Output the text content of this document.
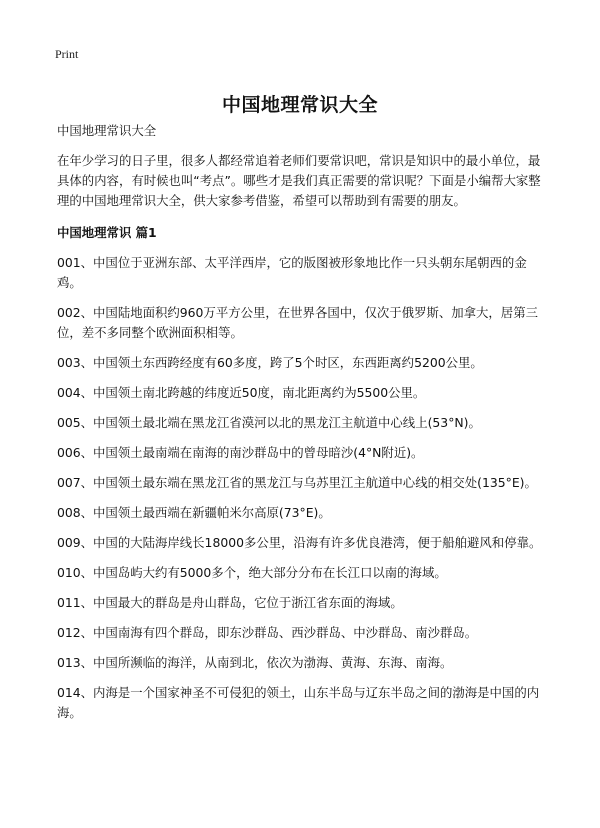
Print
中国地理常识大全

中国地理常识大全

在年少学习的日子里，很多人都经常追着老师们要常识吧，常识是知识中的最小单位，最具体的内容，有时候也叫“考点”。哪些才是我们真正需要的常识呢？下面是小编帮大家整理的中国地理常识大全，供大家参考借鉴，希望可以帮助到有需要的朋友。

中国地理常识 篇1

001、中国位于亚洲东部、太平洋西岸，它的版图被形象地比作一只头朝东尾朝西的金鸡。

002、中国陆地面积约960万平方公里，在世界各国中，仅次于俄罗斯、加拿大，居第三位，差不多同整个欧洲面积相等。

003、中国领土东西跨经度有60多度，跨了5个时区，东西距离约5200公里。

004、中国领土南北跨越的纬度近50度，南北距离约为5500公里。

005、中国领土最北端在黑龙江省漠河以北的黑龙江主航道中心线上(53°N)。

006、中国领土最南端在南海的南沙群岛中的曾母暗沙(4°N附近)。

007、中国领土最东端在黑龙江省的黑龙江与乌苏里江主航道中心线的相交处(135°E)。

008、中国领土最西端在新疆帕米尔高原(73°E)。

009、中国的大陆海岸线长18000多公里，沿海有许多优良港湾，便于船舶避风和停靠。

010、中国岛屿大约有5000多个，绝大部分分布在长江口以南的海域。

011、中国最大的群岛是舟山群岛，它位于浙江省东面的海域。

012、中国南海有四个群岛，即东沙群岛、西沙群岛、中沙群岛、南沙群岛。

013、中国所濒临的海洋，从南到北，依次为渤海、黄海、东海、南海。

014、内海是一个国家神圣不可侵犯的领土，山东半岛与辽东半岛之间的渤海是中国的内海。
